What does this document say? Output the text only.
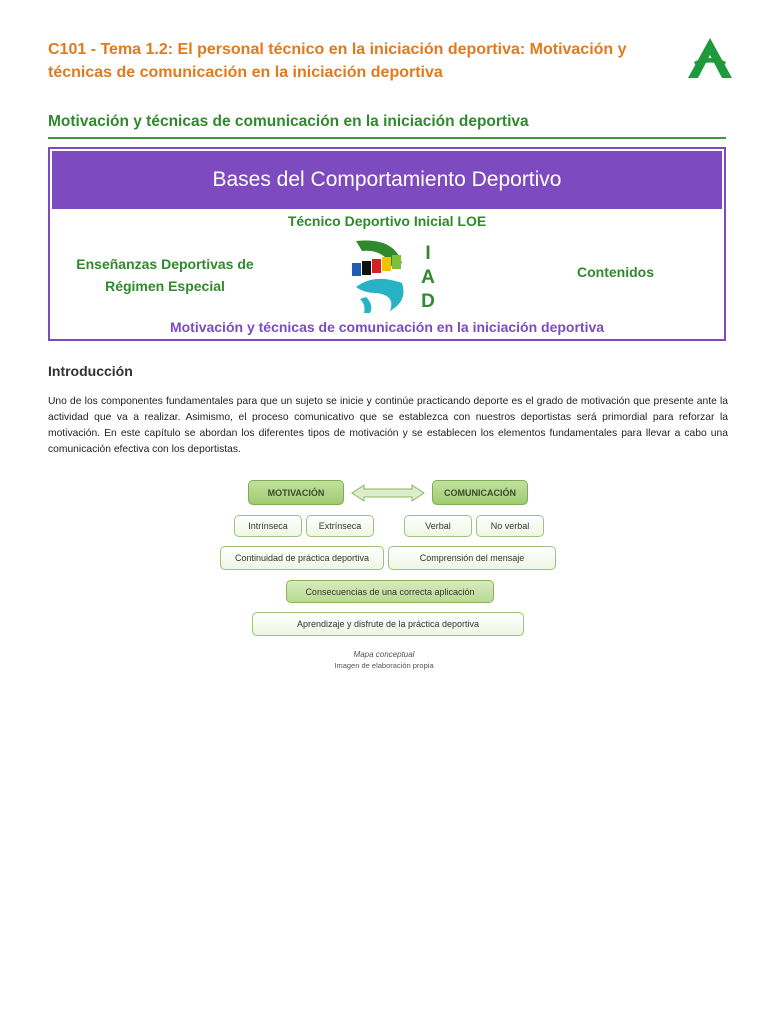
C101 - Tema 1.2: El personal técnico en la iniciación deportiva: Motivación y técnicas de comunicación en la iniciación deportiva
Motivación y técnicas de comunicación en la iniciación deportiva
Bases del Comportamiento Deportivo
Técnico Deportivo Inicial LOE
Enseñanzas Deportivas de Régimen Especial
I
A
D
Contenidos
Motivación y técnicas de comunicación en la iniciación deportiva
Introducción
Uno de los componentes fundamentales para que un sujeto se inicie y continúe practicando deporte es el grado de motivación que presente ante la actividad que va a realizar. Asimismo, el proceso comunicativo que se establezca con nuestros deportistas será primordial para reforzar la motivación. En este capítulo se abordan los diferentes tipos de motivación y se establecen los elementos fundamentales para llevar a cabo una comunicación efectiva con los deportistas.
MOTIVACIÓN	COMUNICACIÓN
Intrínseca	Extrínseca	Verbal	No verbal
Continuidad de práctica deportiva	Comprensión del mensaje
Consecuencias de una correcta aplicación
Aprendizaje y disfrute de la práctica deportiva
Mapa conceptual
Imagen de elaboración propia
